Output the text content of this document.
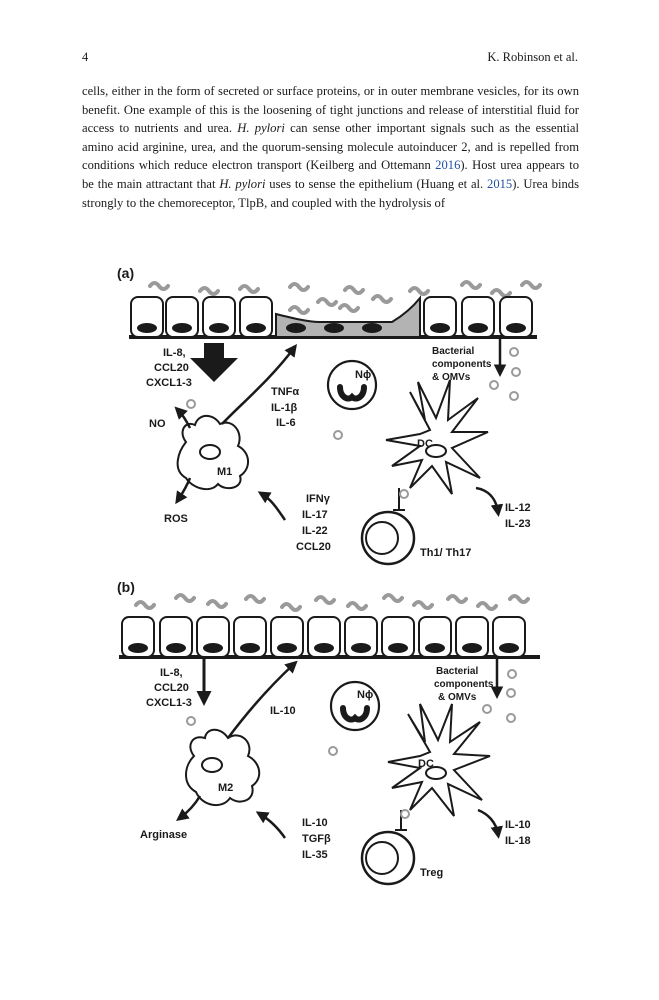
4	K. Robinson et al.

cells, either in the form of secreted or surface proteins, or in outer membrane vesicles, for its own benefit. One example of this is the loosening of tight junctions and release of interstitial fluid for access to nutrients and urea. H. pylori can sense other important signals such as the essential amino acid arginine, urea, and the quorum-sensing molecule autoinducer 2, and is repelled from conditions which reduce electron transport (Keilberg and Ottemann 2016). Host urea appears to be the main attractant that H. pylori uses to sense the epithelium (Huang et al. 2015). Urea binds strongly to the chemoreceptor, TlpB, and coupled with the hydrolysis of

(a)
IL-8,
CCL20
CXCL1-3
M1
TNFα
IL-1β
IL-6
NO
ROS
Nϕ
Bacterial
components
& OMVs
DC
IL-12
IL-23
Th1/ Th17
IFNγ
IL-17
IL-22
CCL20
(b)
IL-8,
CCL20
CXCL1-3
M2
IL-10
Arginase
Nϕ
Bacterial
components
& OMVs
DC
IL-10
IL-18
Treg
IL-10
TGFβ
IL-35
